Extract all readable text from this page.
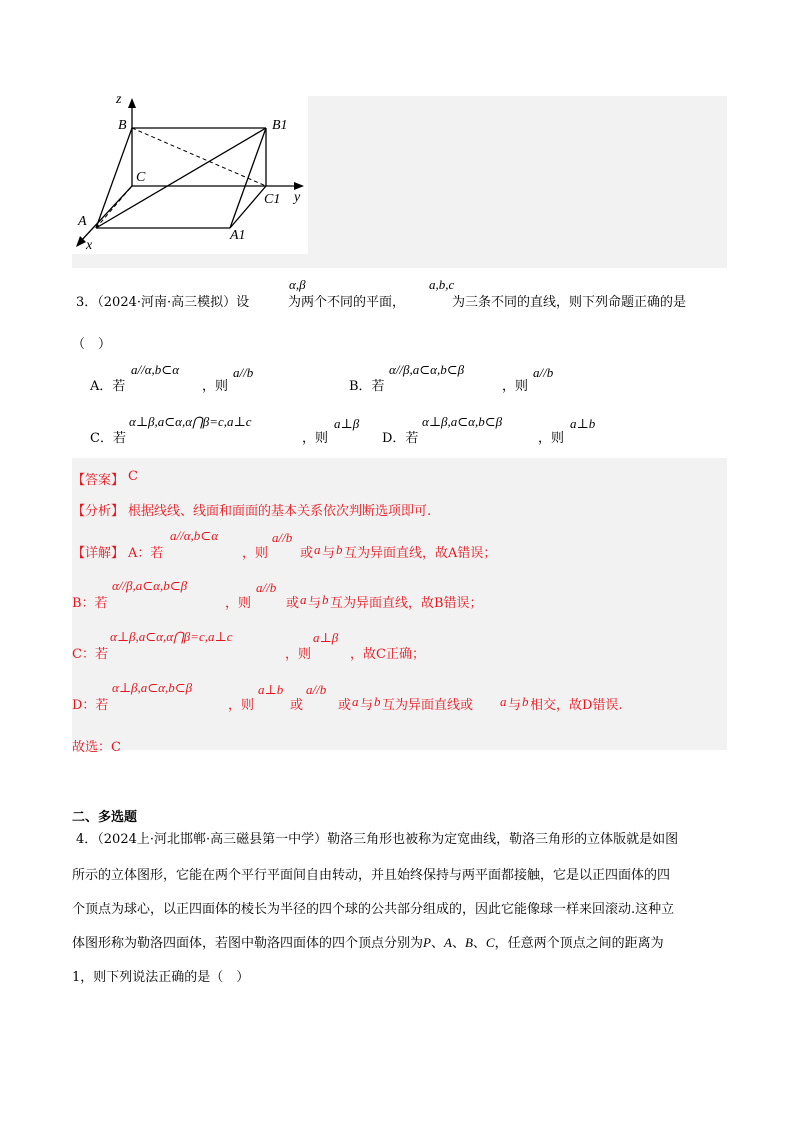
z
y
x
B	B1
C
C1
A
A1
3．（2024·河南·高三模拟）设
α,β
为两个不同的平面，
a,b,c
为三条不同的直线，则下列命题正确的是
（　）
A．若
a//α,b⊂α
，则
a//b
B．若
α//β,a⊂α,b⊂β
，则
a//b
C．若
α⊥β,a⊂α,α⋂β=c,a⊥c
，则
a⊥β
D．若
α⊥β,a⊂α,b⊂β
，则
a⊥b
【答案】 C
【分析】 根据线线、线面和面面的基本关系依次判断选项即可.
【详解】 A：若
a//α,b⊂α
，则
a//b
或 a 与 b 互为异面直线，故A错误；
B：若
α//β,a⊂α,b⊂β
，则
a//b
或 a 与 b 互为异面直线，故B错误；
C：若
α⊥β,a⊂α,α⋂β=c,a⊥c
，则
a⊥β
，故C正确；
D：若
α⊥β,a⊂α,b⊂β
，则
a⊥b
或
a//b
或 a 与 b 互为异面直线或 a 与 b 相交，故D错误.
故选：C
二、多选题
4．（2024上·河北邯郸·高三磁县第一中学）勒洛三角形也被称为定宽曲线，勒洛三角形的立体版就是如图
所示的立体图形，它能在两个平行平面间自由转动，并且始终保持与两平面都接触，它是以正四面体的四
个顶点为球心，以正四面体的棱长为半径的四个球的公共部分组成的，因此它能像球一样来回滚动.这种立
体图形称为勒洛四面体，若图中勒洛四面体的四个顶点分别为P、A、B、C，任意两个顶点之间的距离为
1，则下列说法正确的是（　）
